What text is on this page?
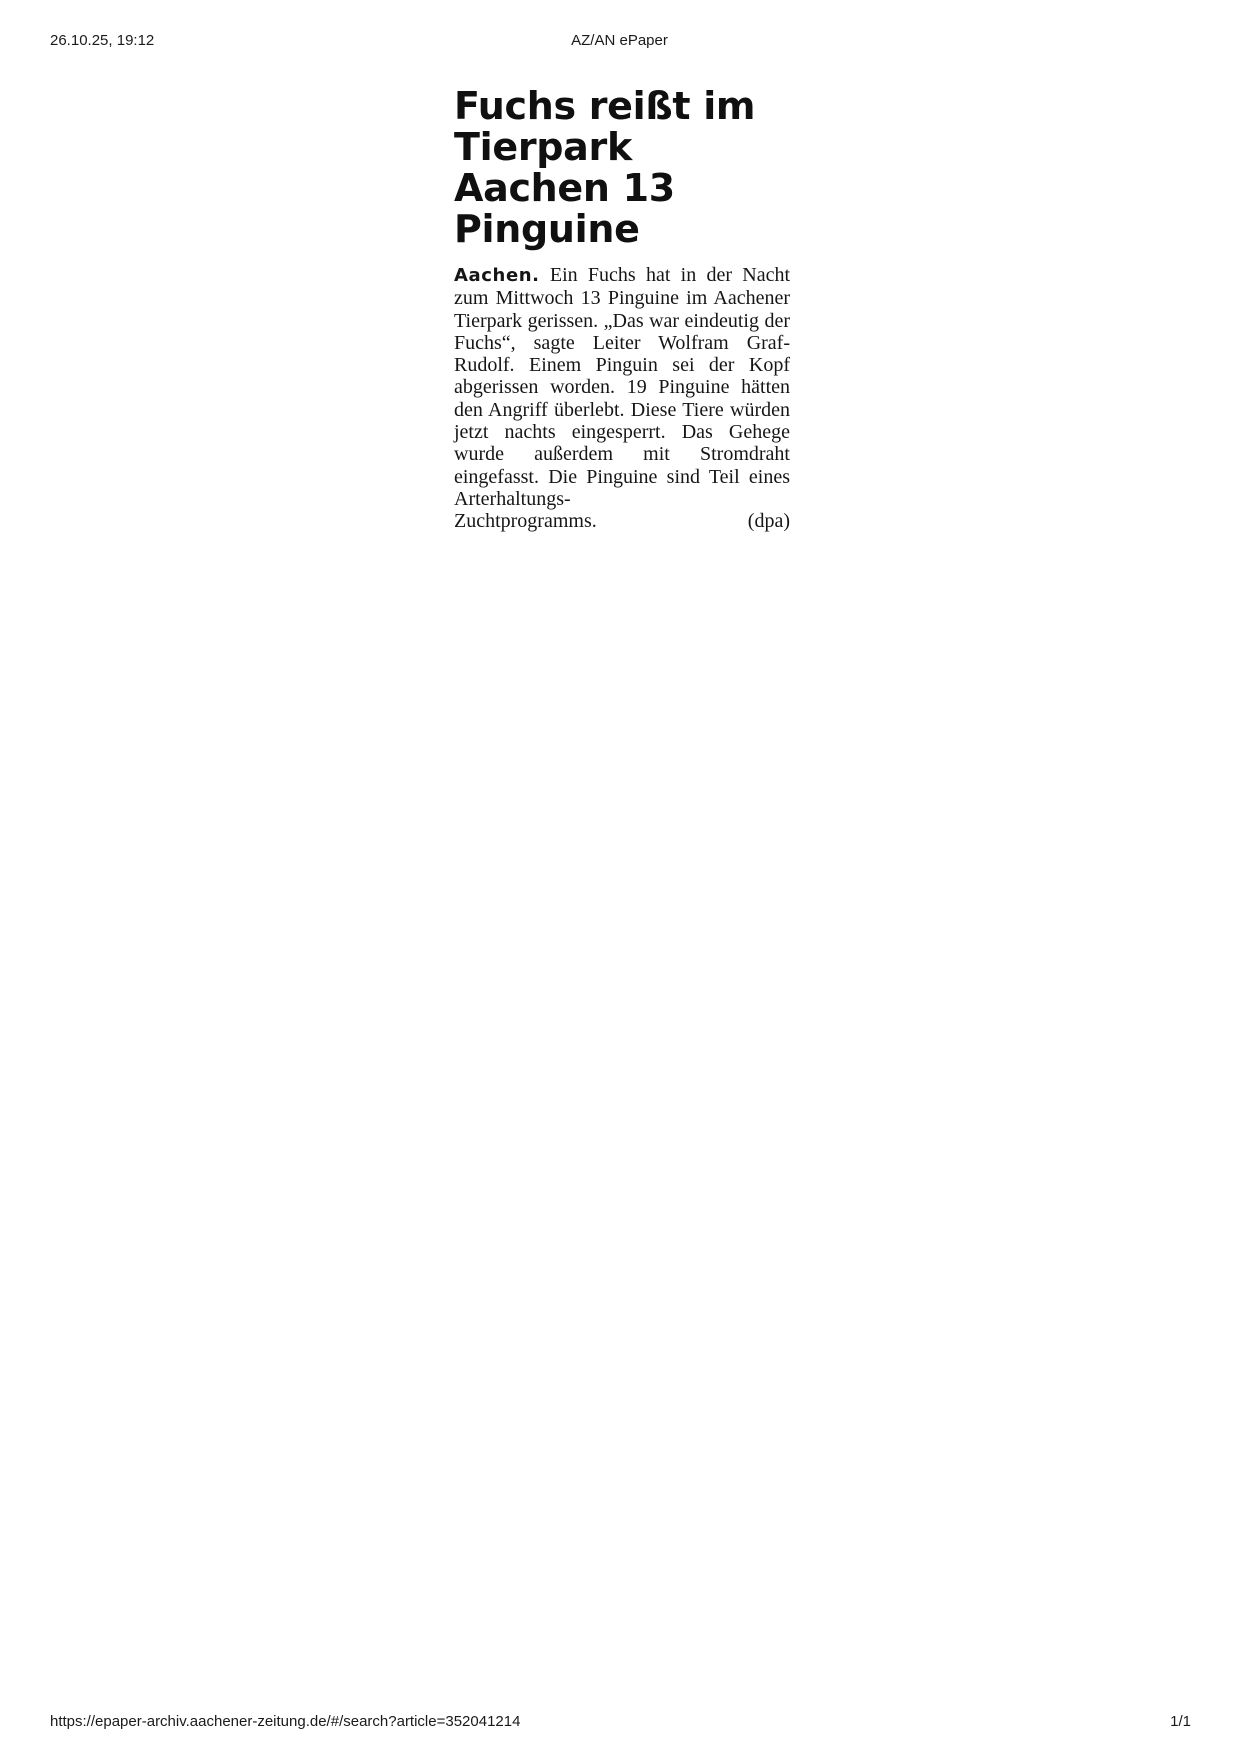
26.10.25, 19:12	AZ/AN ePaper
Fuchs reißt im Tierpark Aachen 13 Pinguine

Aachen. Ein Fuchs hat in der Nacht zum Mittwoch 13 Pinguine im Aachener Tierpark gerissen. „Das war eindeutig der Fuchs“, sagte Leiter Wolfram Graf-Rudolf. Einem Pinguin sei der Kopf abgerissen worden. 19 Pinguine hätten den Angriff überlebt. Diese Tiere würden jetzt nachts eingesperrt. Das Gehege wurde außerdem mit Stromdraht eingefasst. Die Pinguine sind Teil eines Arterhaltungs-

Zuchtprogramms.	(dpa)
https://epaper-archiv.aachener-zeitung.de/#/search?article=352041214	1/1
